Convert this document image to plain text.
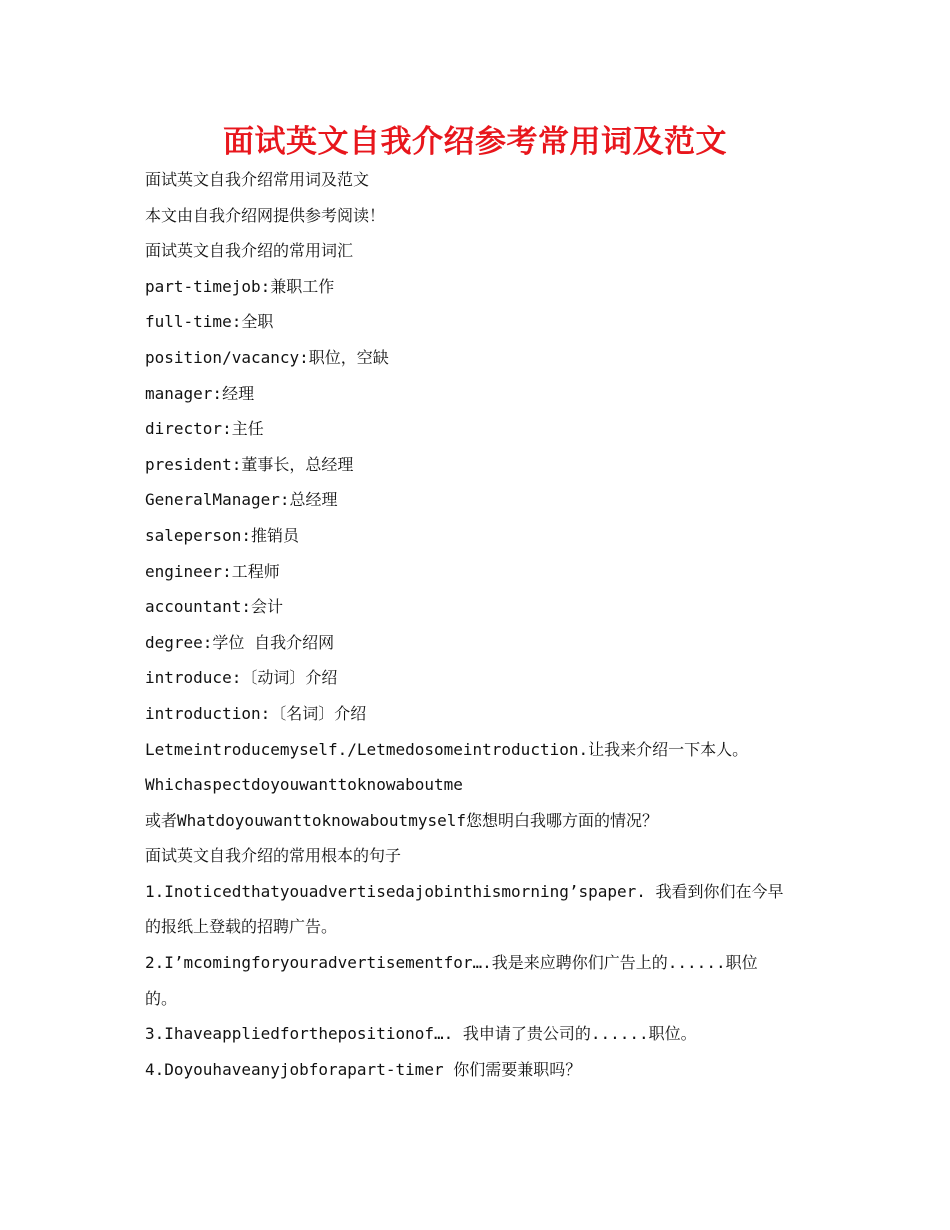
面试英文自我介绍参考常用词及范文
面试英文自我介绍常用词及范文
本文由自我介绍网提供参考阅读！
面试英文自我介绍的常用词汇
part-timejob:兼职工作
full-time:全职
position/vacancy:职位，空缺
manager:经理
director:主任
president:董事长，总经理
GeneralManager:总经理
saleperson:推销员
engineer:工程师
accountant:会计
degree:学位 自我介绍网
introduce:〔动词〕介绍
introduction:〔名词〕介绍
Letmeintroducemyself./Letmedosomeintroduction.让我来介绍一下本人。
Whichaspectdoyouwanttoknowaboutme
或者Whatdoyouwanttoknowaboutmyself您想明白我哪方面的情况？
面试英文自我介绍的常用根本的句子
1.Inoticedthatyouadvertisedajobinthismorning’spaper. 我看到你们在今早
的报纸上登载的招聘广告。
2.I’mcomingforyouradvertisementfor….我是来应聘你们广告上的......职位
的。
3.Ihaveappliedforthepositionof…. 我申请了贵公司的......职位。
4.Doyouhaveanyjobforapart-timer 你们需要兼职吗？
